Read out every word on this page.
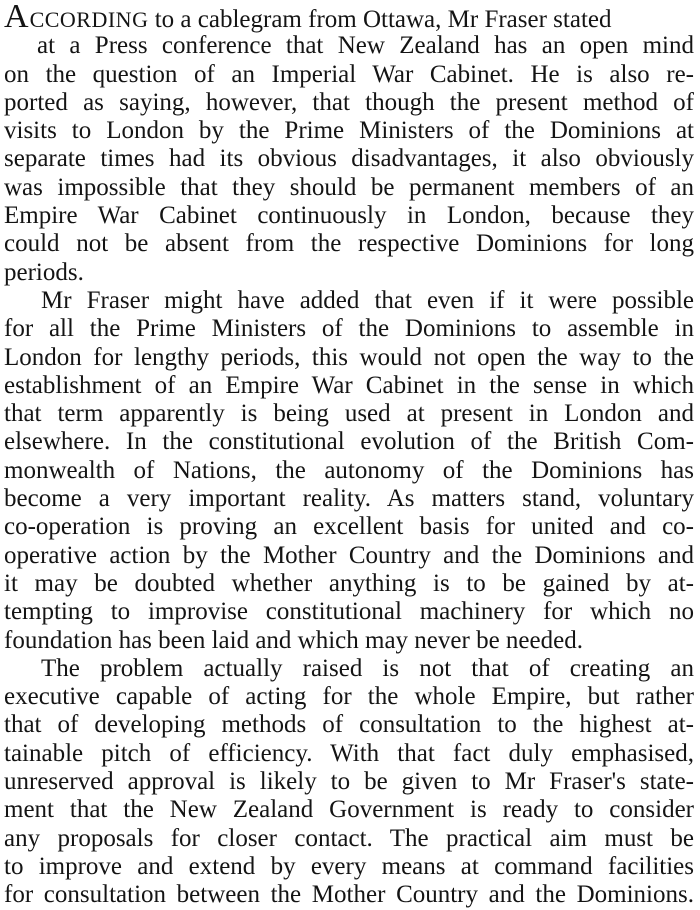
ACCORDING to a cablegram from Ottawa, Mr Fraser stated
at a Press conference that New Zealand has an open mind
on the question of an Imperial War Cabinet. He is also re-
ported as saying, however, that though the present method of
visits to London by the Prime Ministers of the Dominions at
separate times had its obvious disadvantages, it also obviously
was impossible that they should be permanent members of an
Empire War Cabinet continuously in London, because they
could not be absent from the respective Dominions for long
periods.
Mr Fraser might have added that even if it were possible
for all the Prime Ministers of the Dominions to assemble in
London for lengthy periods, this would not open the way to the
establishment of an Empire War Cabinet in the sense in which
that term apparently is being used at present in London and
elsewhere. In the constitutional evolution of the British Com-
monwealth of Nations, the autonomy of the Dominions has
become a very important reality. As matters stand, voluntary
co-operation is proving an excellent basis for united and co-
operative action by the Mother Country and the Dominions and
it may be doubted whether anything is to be gained by at-
tempting to improvise constitutional machinery for which no
foundation has been laid and which may never be needed.
The problem actually raised is not that of creating an
executive capable of acting for the whole Empire, but rather
that of developing methods of consultation to the highest at-
tainable pitch of efficiency. With that fact duly emphasised,
unreserved approval is likely to be given to Mr Fraser's state-
ment that the New Zealand Government is ready to consider
any proposals for closer contact. The practical aim must be
to improve and extend by every means at command facilities
for consultation between the Mother Country and the Dominions.
